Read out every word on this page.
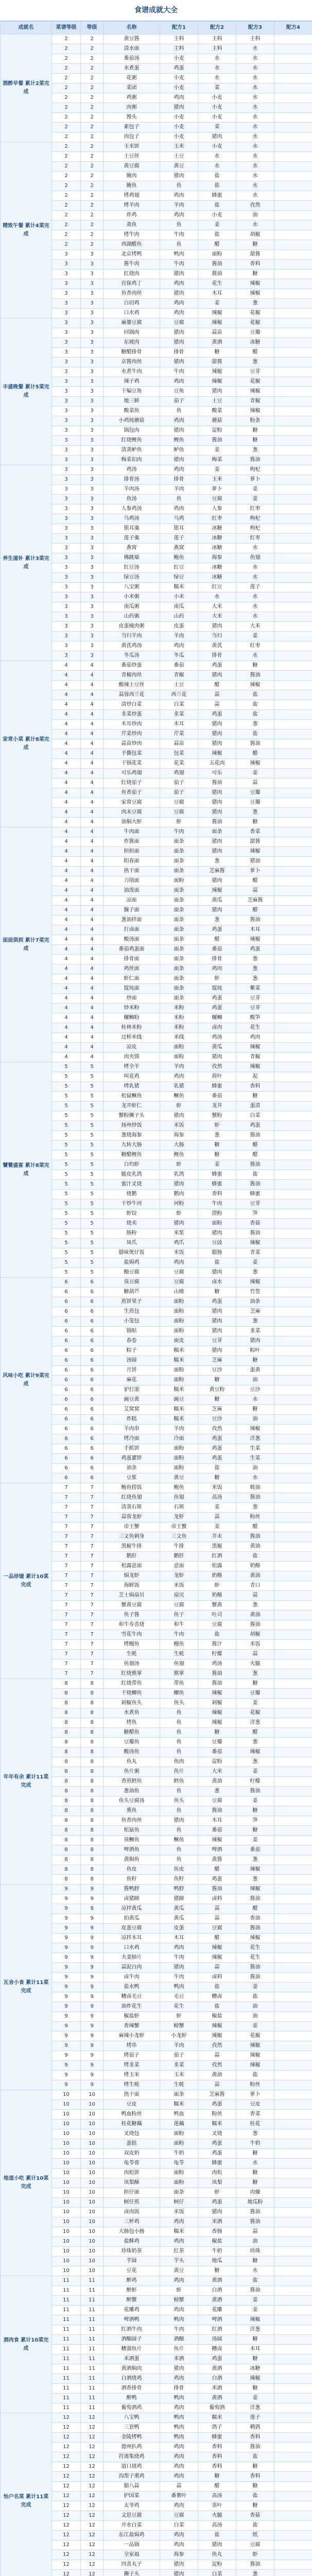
食谱成就大全
成就名	菜谱等级	等级	名称	配方1	配方2	配方3	配方4
酒醉早餐 累计2菜完成	2	2	黄豆酱	主料	主料	主料	
	2	2	清水面	主料	主料	水	
	2	2	番茄汤	小麦	水	水	
	2	2	水煮蛋	鸡蛋	水	水	
	2	2	花粥	小麦	水	水	
	2	2	菜团	小麦	菜	水	
	2	2	鸡粥	鸡肉	小麦	水	
	2	2	肉粥	猪肉	小麦	水	
	2	2	馒头	小麦	小麦	水	
	2	2	素包子	小麦	菜	水	
	2	2	肉包子	小麦	猪肉	水	
精致午餐 累计4菜完成	2	2	玉米饼	玉米	小麦	水	
	2	2	土豆丝	土豆	水	水	
	2	2	黄豆腐	黄豆	水	水	
	2	2	腌肉	猪肉	盐	水	
	2	2	腌鱼	鱼	盐	水	
	2	2	烤鸡翅	鸡肉	蜂蜜	水	
	2	2	烤羊肉	羊肉	盐	孜然	
	2	2	炸鸡	鸡肉	小麦	油	
	2	2	蒸鱼	鱼	姜	水	
	2	2	烤牛肉	牛肉	盐	胡椒	
	2	2	西湖醋鱼	鱼	醋	糖	
	3	3	北京烤鸭	鸭肉	面粉	甜酱	
	3	3	酱牛肉	牛肉	酱油	香料	
	3	3	红烧肉	猪肉	酱油	糖	
	3	3	宫保鸡丁	鸡肉	花生	辣椒	
	3	3	鱼香肉丝	猪肉	木耳	辣椒	
	3	3	白切鸡	鸡肉	姜	葱	
	3	3	口水鸡	鸡肉	辣椒	花椒	
丰盛晚餐 累计5菜完成	3	3	麻婆豆腐	豆腐	辣椒	花椒	
	3	3	回锅肉	猪肉	蒜苗	豆瓣	
	3	3	东坡肉	猪肉	黄酒	冰糖	
	3	3	糖醋排骨	排骨	糖	醋	
	3	3	京酱肉丝	猪肉	甜酱	葱	
	3	3	水煮牛肉	牛肉	辣椒	豆芽	
	3	3	辣子鸡	鸡肉	辣椒	花椒	
	3	3	干煸豆角	豆角	猪肉	辣椒	
	3	3	地三鲜	茄子	土豆	青椒	
	3	3	酸菜鱼	鱼	酸菜	辣椒	
	3	3	小鸡炖蘑菇	鸡肉	蘑菇	粉条	
	3	3	锅包肉	猪肉	淀粉	糖	
	3	3	红烧鲤鱼	鲤鱼	酱油	糖	
	3	3	清蒸鲈鱼	鲈鱼	姜	葱	
	3	3	梅菜扣肉	猪肉	梅菜	酱油	
养生滋补 累计3菜完成	3	3	鸡汤	鸡肉	姜	枸杞	
	3	3	排骨汤	排骨	玉米	萝卜	
	3	3	羊肉汤	羊肉	萝卜	姜	
	3	3	鱼汤	鱼	豆腐	姜	
	3	3	人参鸡汤	鸡肉	人参	红枣	
	3	3	乌鸡汤	乌鸡	红枣	枸杞	
	3	3	银耳羹	银耳	冰糖	枸杞	
	3	3	莲子羹	莲子	冰糖	红枣	
	3	3	燕窝	燕窝	冰糖	水	
	3	3	佛跳墙	鲍鱼	海参	鱼翅	
	3	3	红豆汤	红豆	冰糖	水	
	3	3	绿豆汤	绿豆	冰糖	水	
	3	3	八宝粥	糯米	红豆	莲子	
	3	3	小米粥	小米	水	水	
	3	3	南瓜粥	南瓜	大米	水	
	3	3	山药粥	山药	大米	水	
	3	3	皮蛋瘦肉粥	皮蛋	猪肉	大米	
	3	3	当归羊肉	羊肉	当归	姜	
	3	3	黄芪鸡汤	鸡肉	黄芪	红枣	
	3	3	冬瓜汤	冬瓜	排骨	水	
家常小菜 累计8菜完成	4	4	番茄炒蛋	番茄	鸡蛋	糖	
	4	4	青椒肉丝	青椒	猪肉	酱油	
	4	4	酸辣土豆丝	土豆	醋	辣椒	
	4	4	蒜蓉西兰花	西兰花	蒜	盐	
	4	4	清炒白菜	白菜	蒜	盐	
	4	4	韭菜炒蛋	韭菜	鸡蛋	盐	
	4	4	木耳炒肉	木耳	猪肉	葱	
	4	4	芹菜炒肉	芹菜	猪肉	盐	
	4	4	蒜苗炒肉	蒜苗	猪肉	酱油	
	4	4	手撕包菜	包菜	辣椒	醋	
	4	4	干锅花菜	花菜	五花肉	辣椒	
	4	4	可乐鸡翅	鸡翅	可乐	姜	
	4	4	红烧茄子	茄子	酱油	蒜	
	4	4	鱼香茄子	茄子	猪肉	豆瓣	
	4	4	家常豆腐	豆腐	猪肉	豆瓣	
	4	4	肉末豆腐	豆腐	猪肉	葱	
	4	4	油焖大虾	虾	酱油	糖	
面面俱到 累计7菜完成	4	4	牛肉面	牛肉	面条	香菜	
	4	4	炸酱面	面条	猪肉	甜酱	
	4	4	担担面	面条	猪肉	辣椒	
	4	4	阳春面	面条	葱	猪油	
	4	4	热干面	面条	芝麻酱	萝卜	
	4	4	刀削面	面粉	猪肉	醋	
	4	4	油泼面	面条	辣椒	蒜	
	4	4	凉面	面条	黄瓜	芝麻酱	
	4	4	臊子面	面条	猪肉	醋	
	4	4	葱油拌面	面条	葱	酱油	
	4	4	打卤面	面条	鸡蛋	木耳	
	4	4	酸汤面	面条	醋	辣椒	
	4	4	番茄鸡蛋面	面条	番茄	鸡蛋	
	4	4	排骨面	面条	排骨	葱	
	4	4	鸡丝面	面条	鸡肉	葱	
	4	4	虾仁面	面条	虾	葱	
	4	4	馄饨面	面条	馄饨	紫菜	
	4	4	炒面	面条	鸡蛋	豆芽	
	4	4	炒米粉	米粉	鸡蛋	豆芽	
	4	4	螺蛳粉	米粉	螺蛳	酸笋	
	4	4	桂林米粉	米粉	卤肉	花生	
	4	4	过桥米线	米线	鸡汤	鸡肉	
	4	4	凉皮	面粉	黄瓜	辣椒	
	4	4	肉夹馍	面粉	猪肉	青椒	
饕餮盛宴 累计8菜完成	5	5	烤全羊	羊肉	孜然	辣椒	
	5	5	叫花鸡	鸡肉	荷叶	泥	
	5	5	烤乳猪	乳猪	蜂蜜	香料	
	5	5	松鼠鳜鱼	鳜鱼	番茄	糖	
	5	5	龙井虾仁	虾	龙井	蛋清	
	5	5	蟹粉狮子头	猪肉	蟹粉	白菜	
	5	5	扬州炒饭	米饭	虾	鸡蛋	
	5	5	葱烧海参	海参	葱	酱油	
	5	5	九转大肠	大肠	糖	醋	
	5	5	糖醋鲤鱼	鲤鱼	糖	醋	
	5	5	白灼虾	虾	姜	酱油	
	5	5	脆皮乳鸽	乳鸽	蜂蜜	盐	
	5	5	蜜汁叉烧	猪肉	蜂蜜	酱油	
	5	5	烧鹅	鹅肉	香料	蜂蜜	
	5	5	干炒牛河	河粉	牛肉	豆芽	
	5	5	虾饺	虾	澄粉	笋	
	5	5	烧卖	猪肉	面粉	香菇	
	5	5	肠粉	米浆	猪肉	酱油	
	5	5	凤爪	鸡爪	豆豉	辣椒	
	5	5	腊味煲仔饭	米饭	腊肠	青菜	
	5	5	盐焗鸡	鸡肉	盐	姜	
	5	5	酿豆腐	豆腐	猪肉	葱	
风味小吃 累计9菜完成	6	6	臭豆腐	豆腐	卤水	辣椒	
	6	6	糖葫芦	山楂	糖	竹签	
	6	6	煎饼果子	面粉	鸡蛋	油条	
	6	6	生煎包	面粉	猪肉	芝麻	
	6	6	小笼包	面粉	猪肉	葱	
	6	6	锅贴	面粉	猪肉	韭菜	
	6	6	春卷	面皮	豆芽	猪肉	
	6	6	粽子	糯米	猪肉	粽叶	
	6	6	汤圆	糯米	芝麻	糖	
	6	6	月饼	面粉	豆沙	蛋黄	
	6	6	麻花	面粉	糖	油	
	6	6	驴打滚	糯米	黄豆粉	豆沙	
	6	6	豌豆黄	豌豆	糖	水	
	6	6	艾窝窝	糯米	芝麻	糖	
	6	6	炸糕	糯米	豆沙	油	
	6	6	羊肉串	羊肉	孜然	辣椒	
	6	6	烤冷面	冷面	鸡蛋	洋葱	
	6	6	手抓饼	面粉	鸡蛋	生菜	
	6	6	鸡蛋灌饼	面粉	鸡蛋	生菜	
	6	6	油条	面粉	盐	油	
	6	6	豆浆	黄豆	糖	水	
一品珍馐 累计10菜完成	7	7	鲍鱼捞饭	鲍鱼	米饭	蚝油	
	7	7	红烧鱼翅	鱼翅	高汤	酱油	
	7	7	清蒸石斑	石斑	姜	葱	
	7	7	蒜蓉龙虾	龙虾	蒜	粉丝	
	7	7	帝王蟹	帝王蟹	姜	醋	
	7	7	三文鱼刺身	三文鱼	芥末	酱油	
	7	7	黑椒牛排	牛排	黑椒	黄油	
	7	7	鹅肝	鹅肝	红酒	盐	
	7	7	松露意面	意面	松露	奶酪	
	7	7	焗龙虾	龙虾	奶酪	黄油	
	7	7	海鲜饭	米饭	虾	青口	
	7	7	芝士焗扇贝	扇贝	奶酪	蒜	
	7	7	蟹黄豆腐	豆腐	蟹黄	葱	
	7	7	鱼子酱	鱼子	吐司	黄油	
	7	7	和牛寿喜烧	和牛	豆腐	酱油	
	7	7	雪花牛肉	牛肉	盐	胡椒	
	7	7	烤鳗鱼	鳗鱼	酱汁	米饭	
	7	7	生蚝	生蚝	柠檬	蒜	
	7	7	鱼翅汤	鱼翅	鸡汤	火腿	
	7	7	红烧熊掌	熊掌	酱油	葱	
年年有余 累计11菜完成	8	8	红烧带鱼	带鱼	酱油	糖	
	8	8	干烧鲫鱼	鲫鱼	辣椒	豆瓣	
	8	8	剁椒鱼头	鱼头	剁椒	姜	
	8	8	水煮鱼	鱼	辣椒	花椒	
	8	8	烤鱼	鱼	辣椒	洋葱	
	8	8	糖醋鱼	鱼	糖	醋	
	8	8	豆瓣鱼	鱼	豆瓣	葱	
	8	8	酸汤鱼	鱼	番茄	辣椒	
	8	8	鱼丸	鱼肉	淀粉	葱	
	8	8	鱼片粥	鱼片	大米	姜	
	8	8	香煎鳕鱼	鳕鱼	黄油	柠檬	
	8	8	葱油鱼	鱼	葱	酱油	
	8	8	鱼头豆腐汤	鱼头	豆腐	姜	
	8	8	熏鱼	鱼	酱油	糖	
	8	8	鱼香肉丝	猪肉	木耳	笋	
	8	8	松鼠鱼	鱼	番茄	糖	
	8	8	臭鳜鱼	鳜鱼	辣椒	姜	
	8	8	啤酒鱼	鱼	啤酒	番茄	
	8	8	黄焖鱼	鱼	黄酱	葱	
	8	8	鱼皮	鱼皮	醋	辣椒	
	8	8	鱼籽	鱼籽	鸡蛋	葱	
瓦舍小食 累计11菜完成	9	9	酱鸭脖	鸭脖	酱油	辣椒	
	9	9	卤猪蹄	猪蹄	卤料	酱油	
	9	9	凉拌黄瓜	黄瓜	蒜	醋	
	9	9	拍黄瓜	黄瓜	蒜	香油	
	9	9	皮蛋豆腐	皮蛋	豆腐	酱油	
	9	9	凉拌木耳	木耳	醋	辣椒	
	9	9	口水鸡	鸡肉	辣椒	花生	
	9	9	夫妻肺片	牛肉	辣椒	花生	
	9	9	蒜泥白肉	猪肉	蒜	酱油	
	9	9	卤牛肉	牛肉	卤料	酱油	
	9	9	盐水鸭	鸭肉	盐	姜	
	9	9	糟卤毛豆	毛豆	糟卤	盐	
	9	9	油炸花生	花生	盐	油	
	9	9	椒盐虾	虾	椒盐	油	
	9	9	香辣蟹	螃蟹	辣椒	姜	
	9	9	麻辣小龙虾	小龙虾	辣椒	花椒	
	9	9	烤串	羊肉	孜然	辣椒	
	9	9	烤茄子	茄子	蒜	辣椒	
	9	9	烤韭菜	韭菜	孜然	辣椒	
	9	9	烤玉米	玉米	黄油	盐	
	9	9	烤生蚝	生蚝	蒜	粉丝	
地道小吃 累计10菜完成	10	10	热干面	面条	芝麻酱	萝卜	
	10	10	豆皮	糯米	鸡蛋	豆皮	
	10	10	鸭血粉丝	鸭血	粉丝	香菜	
	10	10	桂花糖藕	莲藕	糯米	桂花	
	10	10	叉烧包	面粉	叉烧	葱	
	10	10	蛋挞	面粉	鸡蛋	牛奶	
	10	10	双皮奶	牛奶	鸡蛋	糖	
	10	10	龟苓膏	龟苓	蜂蜜	水	
	10	10	肉松饼	面粉	肉松	糖	
	10	10	凤梨酥	面粉	凤梨	糖	
	10	10	担仔面	面条	虾	肉燥	
	10	10	蚵仔煎	蚵仔	鸡蛋	地瓜粉	
	10	10	卤肉饭	米饭	猪肉	酱油	
	10	10	三杯鸡	鸡肉	米酒	酱油	
	10	10	大肠包小肠	糯米	香肠	蒜	
	10	10	盐酥鸡	鸡肉	椒盐	油	
	10	10	珍珠奶茶	红茶	牛奶	珍珠	
	10	10	芋圆	芋头	地瓜	糖	
	10	10	豆花	黄豆	糖	水	
酒肉食 累计10菜完成	11	11	醉鸡	鸡肉	黄酒	盐	
	11	11	醉虾	虾	白酒	酱油	
	11	11	醉蟹	螃蟹	黄酒	姜	
	11	11	花雕鸡	鸡肉	花雕	姜	
	11	11	啤酒鸭	鸭肉	啤酒	辣椒	
	11	11	红酒牛肉	牛肉	红酒	洋葱	
	11	11	酒酿圆子	酒酿	汤圆	糖	
	11	11	糟溜鱼片	鱼片	糟卤	木耳	
	11	11	米酒蛋	米酒	鸡蛋	糖	
	11	11	黄酒焖肉	猪肉	黄酒	冰糖	
	11	11	白酒烧鸡	鸡肉	白酒	辣椒	
	11	11	酒香排骨	排骨	米酒	糖	
	11	11	醉鸭	鸭肉	黄酒	姜	
	11	11	葡萄酒鸡	鸡肉	葡萄酒	洋葱	
怡户名菜 累计11菜完成	12	12	八宝鸭	鸭肉	糯米	莲子	
	12	12	三套鸭	鸭肉	鸽子	鹌鹑	
	12	12	金陵烤鸭	鸭肉	蜂蜜	香料	
	12	12	德州扒鸡	鸡肉	香料	酱油	
	12	12	符离集烧鸡	鸡肉	香料	盐	
	12	12	道口烧鸡	鸡肉	香料	糖	
	12	12	沟帮子熏鸡	鸡肉	糖	香料	
	12	12	腊八蒜	蒜	醋	糖	
	12	12	护国菜	番薯叶	高汤	盐	
	12	12	太爷鸡	鸡肉	茶叶	糖	
	12	12	文思豆腐	豆腐	火腿	香菇	
	12	12	开水白菜	白菜	高汤	盐	
	12	12	东江盐焗鸡	鸡肉	盐	纸	
	12	12	一品锅	鸡肉	猪肉	豆腐	
	12	12	全家福	海参	鱼丸	虾	
	12	12	四喜丸子	猪肉	淀粉	酱油	
	12	12	狮子头	猪肉	白菜	葱	
